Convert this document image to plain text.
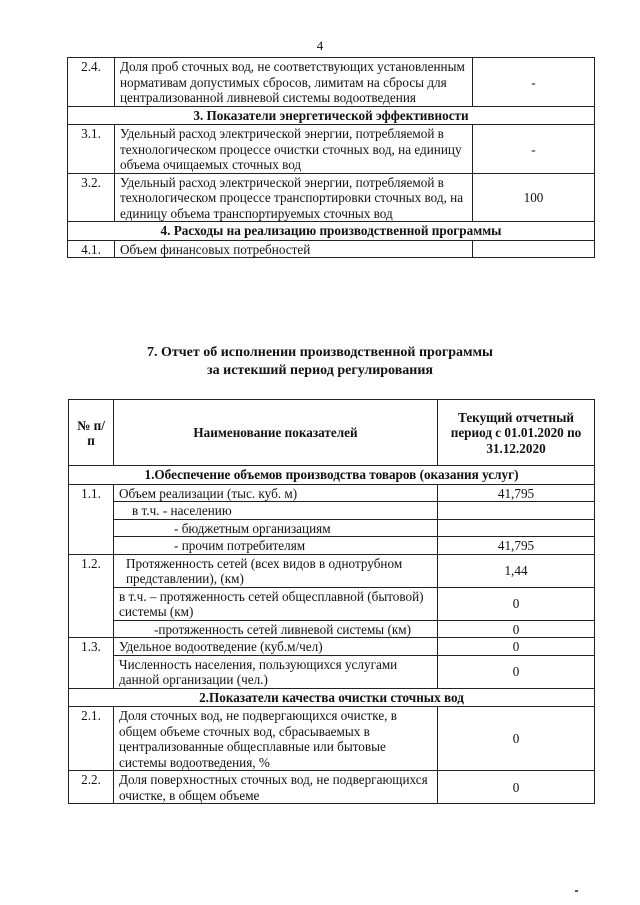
4
2.4.	Доля проб сточных вод, не соответствующих установленным нормативам допустимых сбросов, лимитам на сбросы для централизованной ливневой системы водоотведения	-
3. Показатели энергетической эффективности		
3.1.	Удельный расход электрической энергии, потребляемой в технологическом процессе очистки сточных вод, на единицу объема очищаемых сточных вод	-
3.2.	Удельный расход электрической энергии, потребляемой в технологическом процессе транспортировки сточных вод, на единицу объема транспортируемых сточных вод	100
4. Расходы на реализацию производственной программы		
4.1.	Объем финансовых потребностей	
7. Отчет об исполнении производственной программы
за истекший период регулирования
№ п/п	Наименование показателей	Текущий отчетный период с 01.01.2020 по 31.12.2020
1.Обеспечение объемов производства товаров (оказания услуг)		
1.1.	Объем реализации (тыс. куб. м)	41,795
	в т.ч. - населению	
	- бюджетным организациям	
	- прочим потребителям	41,795
1.2.	Протяженность сетей (всех видов в однотрубном представлении), (км)	1,44
	в т.ч. – протяженность сетей общесплавной (бытовой) системы (км)	0
	-протяженность сетей ливневой системы (км)	0
1.3.	Удельное водоотведение (куб.м/чел)	0
	Численность населения, пользующихся услугами данной организации (чел.)	0
2.Показатели качества очистки сточных вод		
2.1.	Доля сточных вод, не подвергающихся очистке, в общем объеме сточных вод, сбрасываемых в централизованные общесплавные или бытовые системы водоотведения, %	0
2.2.	Доля поверхностных сточных вод, не подвергающихся очистке, в общем объеме	0
